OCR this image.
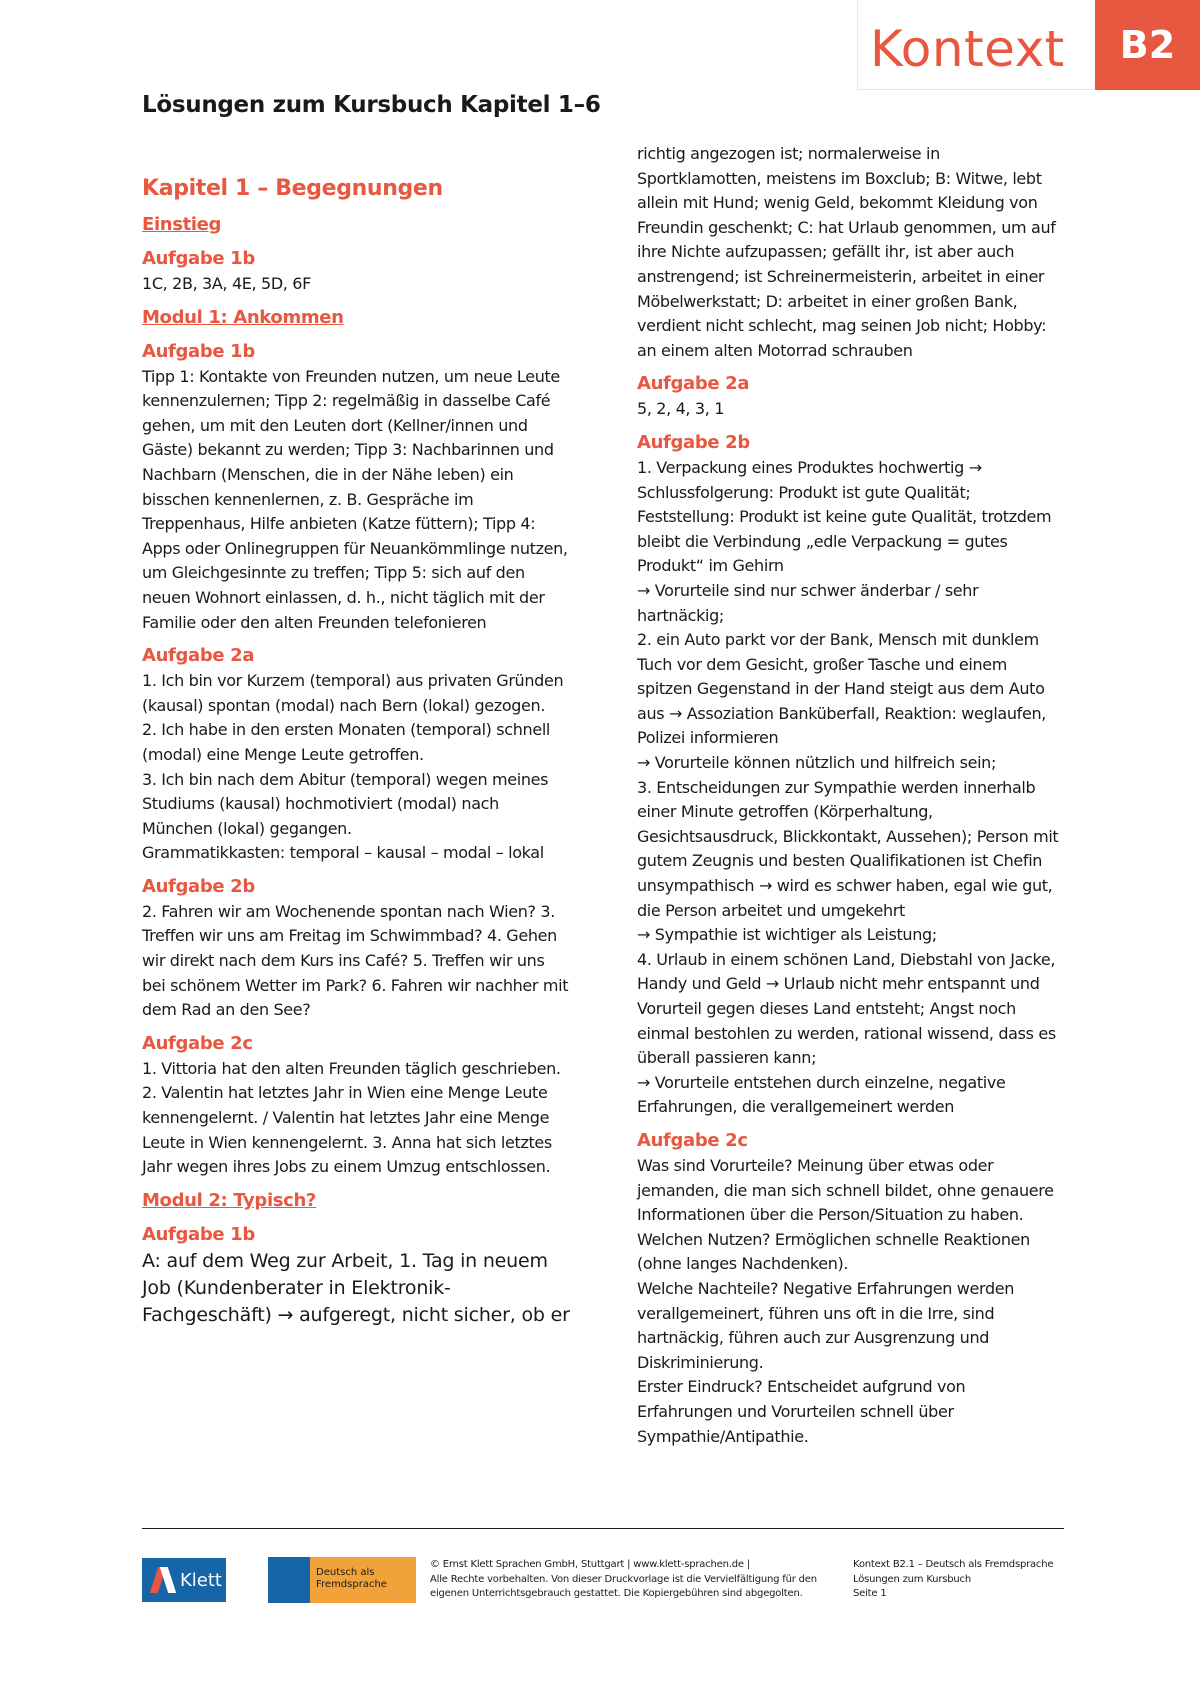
Kontext	B2
Lösungen zum Kursbuch Kapitel 1–6
Kapitel 1 – Begegnungen
Einstieg
Aufgabe 1b
1C, 2B, 3A, 4E, 5D, 6F
Modul 1: Ankommen
Aufgabe 1b
Tipp 1: Kontakte von Freunden nutzen, um neue Leute kennenzulernen; Tipp 2: regelmäßig in dasselbe Café gehen, um mit den Leuten dort (Kellner/innen und Gäste) bekannt zu werden; Tipp 3: Nachbarinnen und Nachbarn (Menschen, die in der Nähe leben) ein bisschen kennenlernen, z. B. Gespräche im Treppenhaus, Hilfe anbieten (Katze füttern); Tipp 4: Apps oder Onlinegruppen für Neuankömmlinge nutzen, um Gleichgesinnte zu treffen; Tipp 5: sich auf den neuen Wohnort einlassen, d. h., nicht täglich mit der Familie oder den alten Freunden telefonieren
Aufgabe 2a

1. Ich bin vor Kurzem (temporal) aus privaten Gründen (kausal) spontan (modal) nach Bern (lokal) gezogen.

2. Ich habe in den ersten Monaten (temporal) schnell (modal) eine Menge Leute getroffen.

3. Ich bin nach dem Abitur (temporal) wegen meines Studiums (kausal) hochmotiviert (modal) nach München (lokal) gegangen.

Grammatikkasten: temporal – kausal – modal – lokal

Aufgabe 2b
2. Fahren wir am Wochenende spontan nach Wien? 3. Treffen wir uns am Freitag im Schwimmbad? 4. Gehen wir direkt nach dem Kurs ins Café? 5. Treffen wir uns bei schönem Wetter im Park? 6. Fahren wir nachher mit dem Rad an den See?
Aufgabe 2c
1. Vittoria hat den alten Freunden täglich geschrieben. 2. Valentin hat letztes Jahr in Wien eine Menge Leute kennengelernt. / Valentin hat letztes Jahr eine Menge Leute in Wien kennengelernt. 3. Anna hat sich letztes Jahr wegen ihres Jobs zu einem Umzug entschlossen.
Modul 2: Typisch?
Aufgabe 1b
A: auf dem Weg zur Arbeit, 1. Tag in neuem Job (Kundenberater in Elektronik-Fachgeschäft) → aufgeregt, nicht sicher, ob er
richtig angezogen ist; normalerweise in Sportklamotten, meistens im Boxclub; B: Witwe, lebt allein mit Hund; wenig Geld, bekommt Kleidung von Freundin geschenkt; C: hat Urlaub genommen, um auf ihre Nichte aufzupassen; gefällt ihr, ist aber auch anstrengend; ist Schreinermeisterin, arbeitet in einer Möbelwerkstatt; D: arbeitet in einer großen Bank, verdient nicht schlecht, mag seinen Job nicht; Hobby: an einem alten Motorrad schrauben
Aufgabe 2a
5, 2, 4, 3, 1
Aufgabe 2b

1. Verpackung eines Produktes hochwertig → Schlussfolgerung: Produkt ist gute Qualität; Feststellung: Produkt ist keine gute Qualität, trotzdem bleibt die Verbindung „edle Verpackung = gutes Produkt“ im Gehirn

→ Vorurteile sind nur schwer änderbar / sehr hartnäckig;

2. ein Auto parkt vor der Bank, Mensch mit dunklem Tuch vor dem Gesicht, großer Tasche und einem spitzen Gegenstand in der Hand steigt aus dem Auto aus → Assoziation Banküberfall, Reaktion: weglaufen, Polizei informieren

→ Vorurteile können nützlich und hilfreich sein;

3. Entscheidungen zur Sympathie werden innerhalb einer Minute getroffen (Körperhaltung, Gesichtsausdruck, Blickkontakt, Aussehen); Person mit gutem Zeugnis und besten Qualifikationen ist Chefin unsympathisch → wird es schwer haben, egal wie gut, die Person arbeitet und umgekehrt

→ Sympathie ist wichtiger als Leistung;

4. Urlaub in einem schönen Land, Diebstahl von Jacke, Handy und Geld → Urlaub nicht mehr entspannt und Vorurteil gegen dieses Land entsteht; Angst noch einmal bestohlen zu werden, rational wissend, dass es überall passieren kann;

→ Vorurteile entstehen durch einzelne, negative Erfahrungen, die verallgemeinert werden

Aufgabe 2c

Was sind Vorurteile? Meinung über etwas oder jemanden, die man sich schnell bildet, ohne genauere Informationen über die Person/Situation zu haben.

Welchen Nutzen? Ermöglichen schnelle Reaktionen (ohne langes Nachdenken).

Welche Nachteile? Negative Erfahrungen werden verallgemeinert, führen uns oft in die Irre, sind hartnäckig, führen auch zur Ausgrenzung und Diskriminierung.

Erster Eindruck? Entscheidet aufgrund von Erfahrungen und Vorurteilen schnell über Sympathie/Antipathie.

Klett	Deutsch als Fremdsprache

© Ernst Klett Sprachen GmbH, Stuttgart | www.klett-sprachen.de |

Alle Rechte vorbehalten. Von dieser Druckvorlage ist die Vervielfältigung für den eigenen Unterrichtsgebrauch gestattet. Die Kopiergebühren sind abgegolten.

Kontext B2.1 – Deutsch als Fremdsprache

Lösungen zum Kursbuch

Seite 1
